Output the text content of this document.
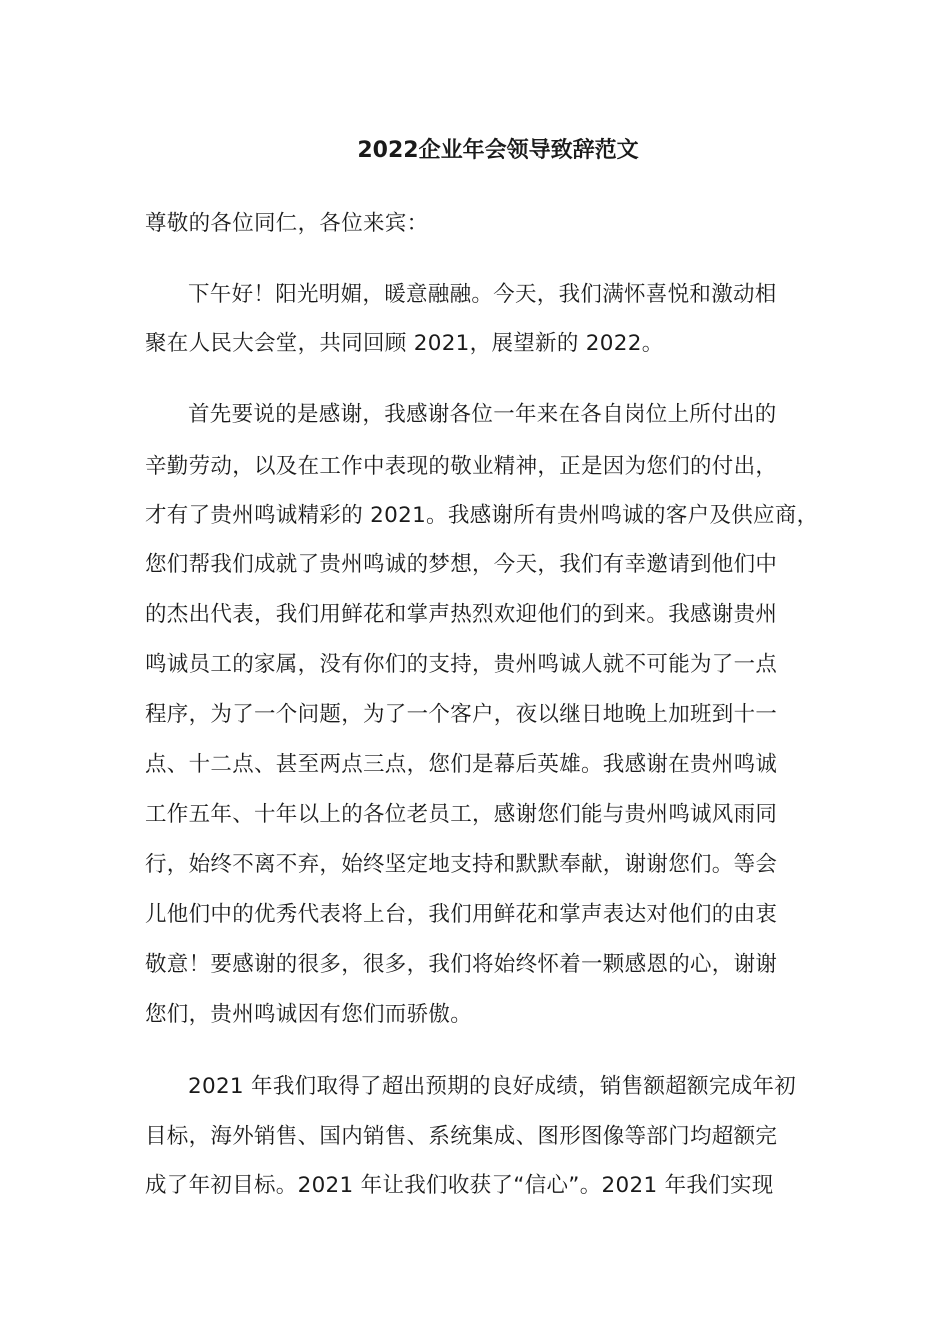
2022企业年会领导致辞范文
尊敬的各位同仁，各位来宾：
下午好！阳光明媚，暖意融融。今天，我们满怀喜悦和激动相
聚在人民大会堂，共同回顾 2021，展望新的 2022。
首先要说的是感谢，我感谢各位一年来在各自岗位上所付出的
辛勤劳动，以及在工作中表现的敬业精神，正是因为您们的付出，
才有了贵州鸣诚精彩的 2021。我感谢所有贵州鸣诚的客户及供应商，
您们帮我们成就了贵州鸣诚的梦想，今天，我们有幸邀请到他们中
的杰出代表，我们用鲜花和掌声热烈欢迎他们的到来。我感谢贵州
鸣诚员工的家属，没有你们的支持，贵州鸣诚人就不可能为了一点
程序，为了一个问题，为了一个客户，夜以继日地晚上加班到十一
点、十二点、甚至两点三点，您们是幕后英雄。我感谢在贵州鸣诚
工作五年、十年以上的各位老员工，感谢您们能与贵州鸣诚风雨同
行，始终不离不弃，始终坚定地支持和默默奉献，谢谢您们。等会
儿他们中的优秀代表将上台，我们用鲜花和掌声表达对他们的由衷
敬意！要感谢的很多，很多，我们将始终怀着一颗感恩的心，谢谢
您们，贵州鸣诚因有您们而骄傲。
2021 年我们取得了超出预期的良好成绩，销售额超额完成年初
目标，海外销售、国内销售、系统集成、图形图像等部门均超额完
成了年初目标。2021 年让我们收获了“信心”。2021 年我们实现
